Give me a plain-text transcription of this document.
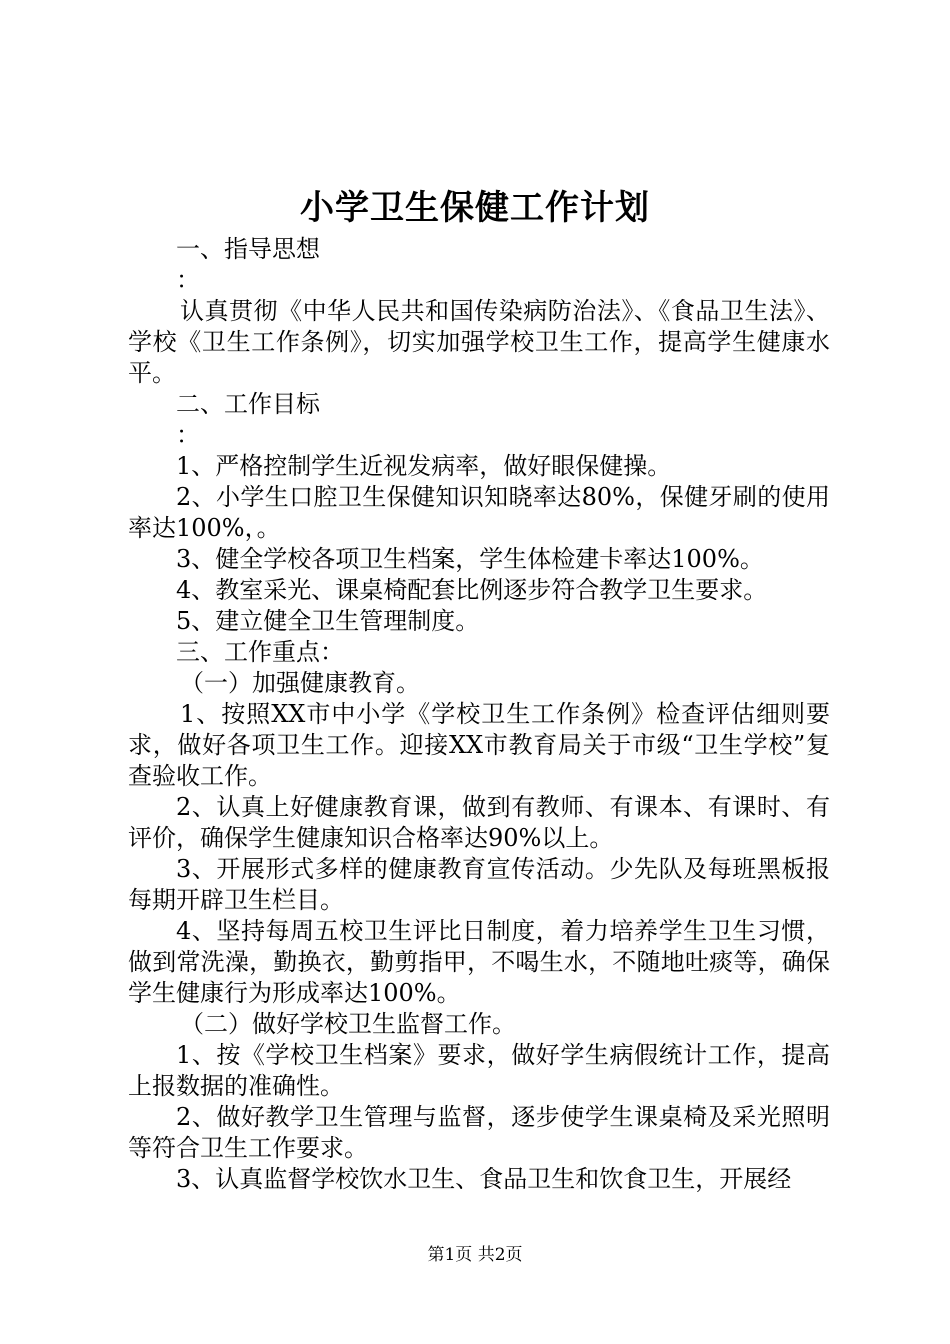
小学卫生保健工作计划

一、指导思想

：

认真贯彻《中华人民共和国传染病防治法》、《食品卫生法》、学校《卫生工作条例》，切实加强学校卫生工作，提高学生健康水平。

二、工作目标

：

1、严格控制学生近视发病率，做好眼保健操。

2、小学生口腔卫生保健知识知晓率达80%，保健牙刷的使用率达100%，。

3、健全学校各项卫生档案，学生体检建卡率达100%。

4、教室采光、课桌椅配套比例逐步符合教学卫生要求。

5、建立健全卫生管理制度。

三、工作重点：

（一）加强健康教育。

1、按照XX市中小学《学校卫生工作条例》检查评估细则要求，做好各项卫生工作。迎接XX市教育局关于市级“卫生学校”复查验收工作。

2、认真上好健康教育课，做到有教师、有课本、有课时、有评价，确保学生健康知识合格率达90%以上。

3、开展形式多样的健康教育宣传活动。少先队及每班黑板报每期开辟卫生栏目。

4、坚持每周五校卫生评比日制度，着力培养学生卫生习惯，做到常洗澡，勤换衣，勤剪指甲，不喝生水，不随地吐痰等，确保学生健康行为形成率达100%。

（二）做好学校卫生监督工作。

1、按《学校卫生档案》要求，做好学生病假统计工作，提高上报数据的准确性。

2、做好教学卫生管理与监督，逐步使学生课桌椅及采光照明等符合卫生工作要求。

3、认真监督学校饮水卫生、食品卫生和饮食卫生，开展经

第1页 共2页
